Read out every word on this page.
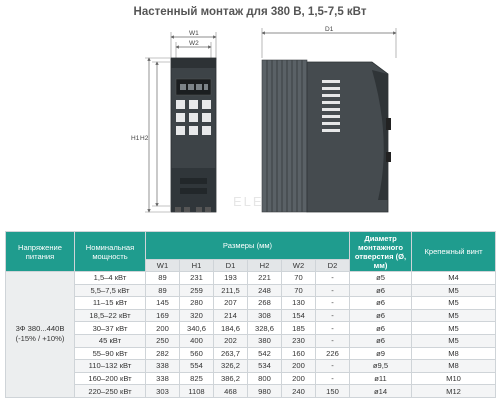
Настенный монтаж для 380 В, 1,5-7,5 кВт
W1
W2
H1 H2
D1
ELE
Напряжение питания	Номинальная мощность	Размеры (мм)						Диаметр монтажного отверстия (Ø, мм)	Крепежный винт
		W1	H1	D1	H2	W2	D2		
3Ф 380...440В (-15% / +10%)	1,5–4 кВт	89	231	193	221	70	-	ø5	M4
	5,5–7,5 кВт	89	259	211,5	248	70	-	ø6	M5
	11–15 кВт	145	280	207	268	130	-	ø6	M5
	18,5–22 кВт	169	320	214	308	154	-	ø6	M5
	30–37 кВт	200	340,6	184,6	328,6	185	-	ø6	M5
	45 кВт	250	400	202	380	230	-	ø6	M5
	55–90 кВт	282	560	263,7	542	160	226	ø9	M8
	110–132 кВт	338	554	326,2	534	200	-	ø9,5	M8
	160–200 кВт	338	825	386,2	800	200	-	ø11	M10
	220–250 кВт	303	1108	468	980	240	150	ø14	M12
